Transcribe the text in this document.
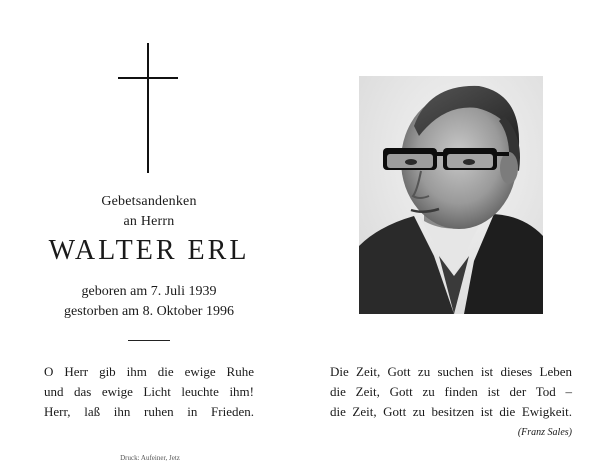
Gebetsandenken
an Herrn
WALTER ERL
geboren am 7. Juli 1939
gestorben am 8. Oktober 1996
O Herr gib ihm die ewige Ruhe
und das ewige Licht leuchte ihm!
Herr, laß ihn ruhen in Frieden.
Die Zeit, Gott zu suchen ist dieses Leben
die Zeit, Gott zu finden ist der Tod –
die Zeit, Gott zu besitzen ist die Ewigkeit.
(Franz Sales)
Druck: Aufeiner, Jetz
